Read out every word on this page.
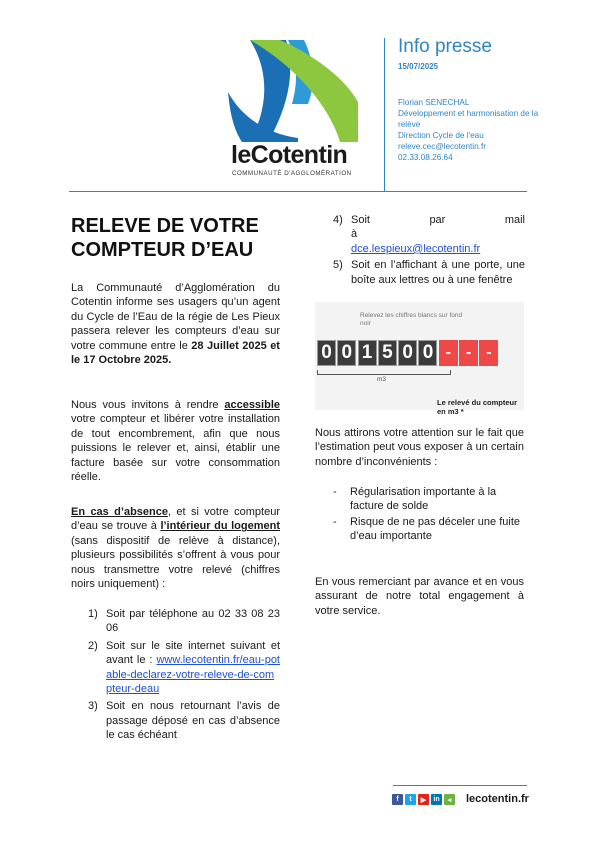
leCotentin
COMMUNAUTÉ D'AGGLOMÉRATION
Info presse
15/07/2025
Florian SENECHAL
Développement et harmonisation de la relève
Direction Cycle de l'eau
releve.cec@lecotentin.fr
02.33.08.26.64
RELEVE DE VOTRE COMPTEUR D’EAU
La Communauté d’Agglomération du Cotentin informe ses usagers qu’un agent du Cycle de l’Eau de la régie de Les Pieux passera relever les compteurs d’eau sur votre commune entre le 28 Juillet 2025 et le 17 Octobre 2025.
Nous vous invitons à rendre accessible votre compteur et libérer votre installation de tout encombrement, afin que nous puissions le relever et, ainsi, établir une facture basée sur votre consommation réelle.
En cas d’absence, et si votre compteur d’eau se trouve à l’intérieur du logement (sans dispositif de relève à distance), plusieurs possibilités s’offrent à vous pour nous transmettre votre relevé (chiffres noirs uniquement) :
1) Soit par téléphone au 02 33 08 23 06
2) Soit sur le site internet suivant et avant le : www.lecotentin.fr/eau-potable-declarez-votre-releve-de-compteur-deau
3) Soit en nous retournant l’avis de passage déposé en cas d’absence le cas échéant
4) Soit par mail à
dce.lespieux@lecotentin.fr
5) Soit en l’affichant à une porte, une boîte aux lettres ou à une fenêtre
Relevez les chiffres blancs sur fond noir
0 0 1 5 0 0 - - -
m3
Le relevé du compteur en m3 *
Nous attirons votre attention sur le fait que l’estimation peut vous exposer à un certain nombre d’inconvénients :
- Régularisation importante à la facture de solde
- Risque de ne pas déceler une fuite d’eau importante
En vous remerciant par avance et en vous assurant de notre total engagement à votre service.
f	t	▶	in	◂	lecotentin.fr
